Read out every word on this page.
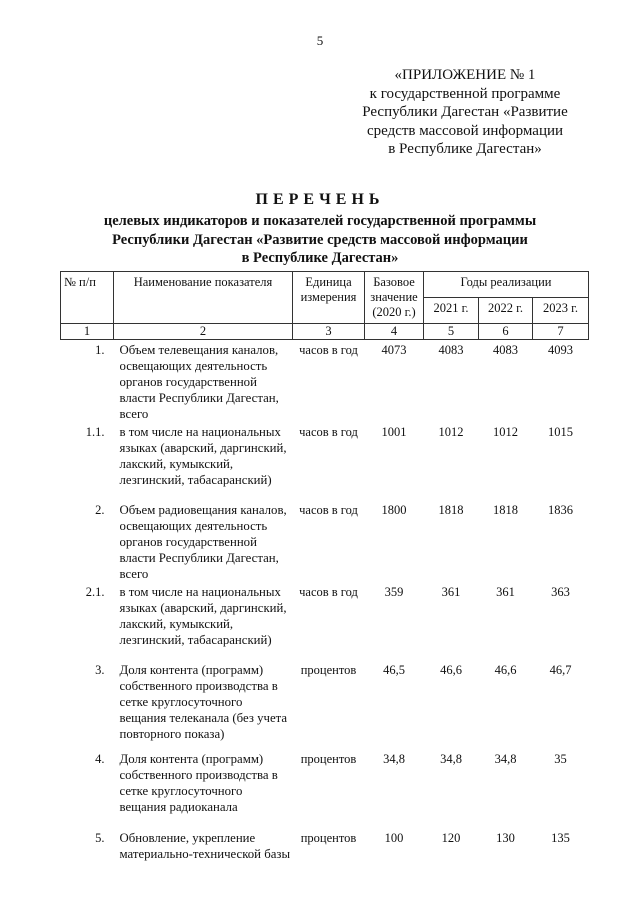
5
«ПРИЛОЖЕНИЕ № 1
к государственной программе
Республики Дагестан «Развитие
средств массовой информации
в Республике Дагестан»
ПЕРЕЧЕНЬ
целевых индикаторов и показателей государственной программы
Республики Дагестан «Развитие средств массовой информации
в Республике Дагестан»
№ п/п	Наименование показателя	Единица измерения	Базовое значение (2020 г.)	Годы реализации		
				2021 г.	2022 г.	2023 г.
1	2	3	4	5	6	7
1.	Объем телевещания каналов, освещающих деятельность органов государственной власти Республики Дагестан, всего	часов в год	4073	4083	4083	4093
1.1.	в том числе на национальных языках (аварский, даргинский, лакский, кумыкский, лезгинский, табасаранский)	часов в год	1001	1012	1012	1015
2.	Объем радиовещания каналов, освещающих деятельность органов государственной власти Республики Дагестан, всего	часов в год	1800	1818	1818	1836
2.1.	в том числе на национальных языках (аварский, даргинский, лакский, кумыкский, лезгинский, табасаранский)	часов в год	359	361	361	363
3.	Доля контента (программ) собственного производства в сетке круглосуточного вещания телеканала (без учета повторного показа)	процентов	46,5	46,6	46,6	46,7
4.	Доля контента (программ) собственного производства в сетке круглосуточного вещания радиоканала	процентов	34,8	34,8	34,8	35
5.	Обновление, укрепление материально-технической базы	процентов	100	120	130	135
